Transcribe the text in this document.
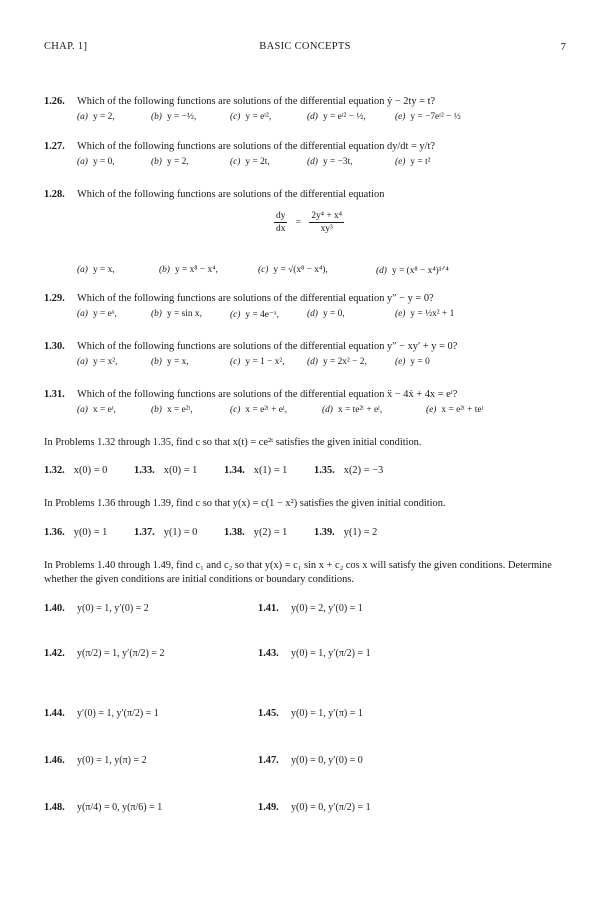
CHAP. 1]	BASIC CONCEPTS	7
1.26. Which of the following functions are solutions of the differential equation ẏ − 2ty = t?
(a) y = 2,	(b) y = −½,	(c) y = eᵗ²,	(d) y = eᵗ² − ½,	(e) y = −7eᵗ² − ½
1.27. Which of the following functions are solutions of the differential equation dy/dt = y/t?
(a) y = 0,	(b) y = 2,	(c) y = 2t,	(d) y = −3t,	(e) y = t²
1.28. Which of the following functions are solutions of the differential equation
$\frac{dy}{dx} = \frac{\text{2y⁴ + x⁴}}{\text{xy³}}$
(a) y = x,	(b) y = x⁸ − x⁴,	(c) y = √(x⁸ − x⁴),	(d) y = (x⁸ − x⁴)¹ᐟ⁴
1.29. Which of the following functions are solutions of the differential equation y″ − y = 0?
(a) y = eˣ,	(b) y = sin x,	(c) y = 4e⁻ˣ,	(d) y = 0,	(e) y = ½x² + 1
1.30. Which of the following functions are solutions of the differential equation y″ − xy′ + y = 0?
(a) y = x²,	(b) y = x,	(c) y = 1 − x², (d) y = 2x² − 2,	(e) y = 0
1.31. Which of the following functions are solutions of the differential equation ẍ − 4ẋ + 4x = eᵗ?
(a) x = eᵗ,	(b) x = e²ᵗ,	(c) x = e²ᵗ + eᵗ,	(d) x = te²ᵗ + eᵗ,	(e) x = e²ᵗ + teᵗ
In Problems 1.32 through 1.35, find c so that x(t) = ce²ᵗ satisfies the given initial condition.
1.32. x(0) = 0	1.33. x(0) = 1	1.34. x(1) = 1	1.35. x(2) = −3
In Problems 1.36 through 1.39, find c so that y(x) = c(1 − x²) satisfies the given initial condition.
1.36. y(0) = 1	1.37. y(1) = 0	1.38. y(2) = 1	1.39. y(1) = 2
In Problems 1.40 through 1.49, find c₁ and c₂ so that y(x) = c₁ sin x + c₂ cos x will satisfy the given conditions. Determine whether the given conditions are initial conditions or boundary conditions.
1.40. y(0) = 1, y′(0) = 2	1.41. y(0) = 2, y′(0) = 1
1.42. y(π/2) = 1, y′(π/2) = 2	1.43. y(0) = 1, y′(π/2) = 1
1.44. y′(0) = 1, y′(π/2) = 1	1.45. y(0) = 1, y′(π) = 1
1.46. y(0) = 1, y(π) = 2	1.47. y(0) = 0, y′(0) = 0
1.48. y(π/4) = 0, y(π/6) = 1	1.49. y(0) = 0, y′(π/2) = 1
